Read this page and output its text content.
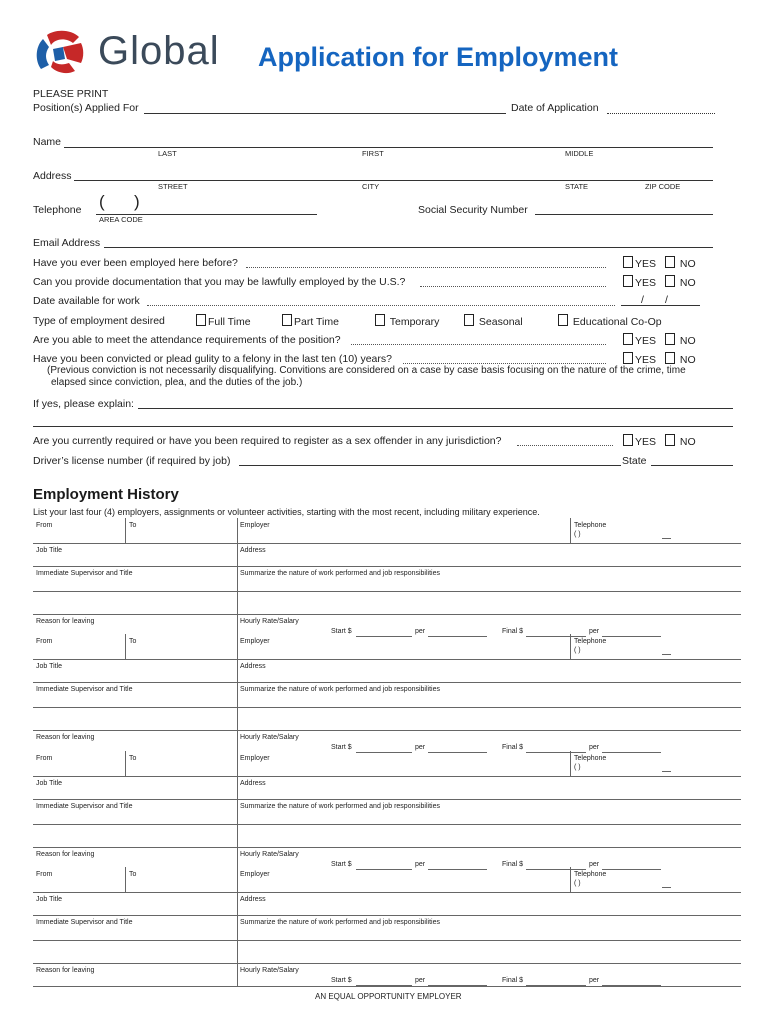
Global Application for Employment
PLEASE PRINT
Position(s) Applied For	Date of Application
Name
LAST	FIRST	MIDDLE
Address
STREET	CITY	STATE	ZIP CODE
Telephone ( )
AREA CODE
Social Security Number
Email Address
Have you ever been employed here before?	YES	NO
Can you provide documentation that you may be lawfully employed by the U.S.?	YES	NO
Date available for work	/ /
Type of employment desired	Full Time	Part Time	Temporary	Seasonal	Educational Co-Op
Are you able to meet the attendance requirements of the position?	YES	NO
Have you been convicted or plead gulity to a felony in the last ten (10) years?	YES	NO
(Previous conviction is not necessarily disqualifying. Convitions are considered on a case by case basis focusing on the nature of the crime, time
elapsed since conviction, plea, and the duties of the job.)
If yes, please explain:
Are you currently required or have you been required to register as a sex offender in any jurisdiction?	YES	NO
Driver’s license number (if required by job)	State
Employment History
List your last four (4) employers, assignments or volunteer activities, starting with the most recent, including military experience.
From	To	Employer	Telephone
( )
Job Title	Address
Immediate Supervisor and Title	Summarize the nature of work performed and job responsibilities
Reason for leaving	Hourly Rate/Salary
Start $	per	Final $	per
From	To	Employer	Telephone
( )
Job Title	Address
Immediate Supervisor and Title	Summarize the nature of work performed and job responsibilities
Reason for leaving	Hourly Rate/Salary
Start $	per	Final $	per
From	To	Employer	Telephone
( )
Job Title	Address
Immediate Supervisor and Title	Summarize the nature of work performed and job responsibilities
Reason for leaving	Hourly Rate/Salary
Start $	per	Final $	per
From	To	Employer	Telephone
( )
Job Title	Address
Immediate Supervisor and Title	Summarize the nature of work performed and job responsibilities
Reason for leaving	Hourly Rate/Salary
Start $	per	Final $	per
AN EQUAL OPPORTUNITY EMPLOYER
